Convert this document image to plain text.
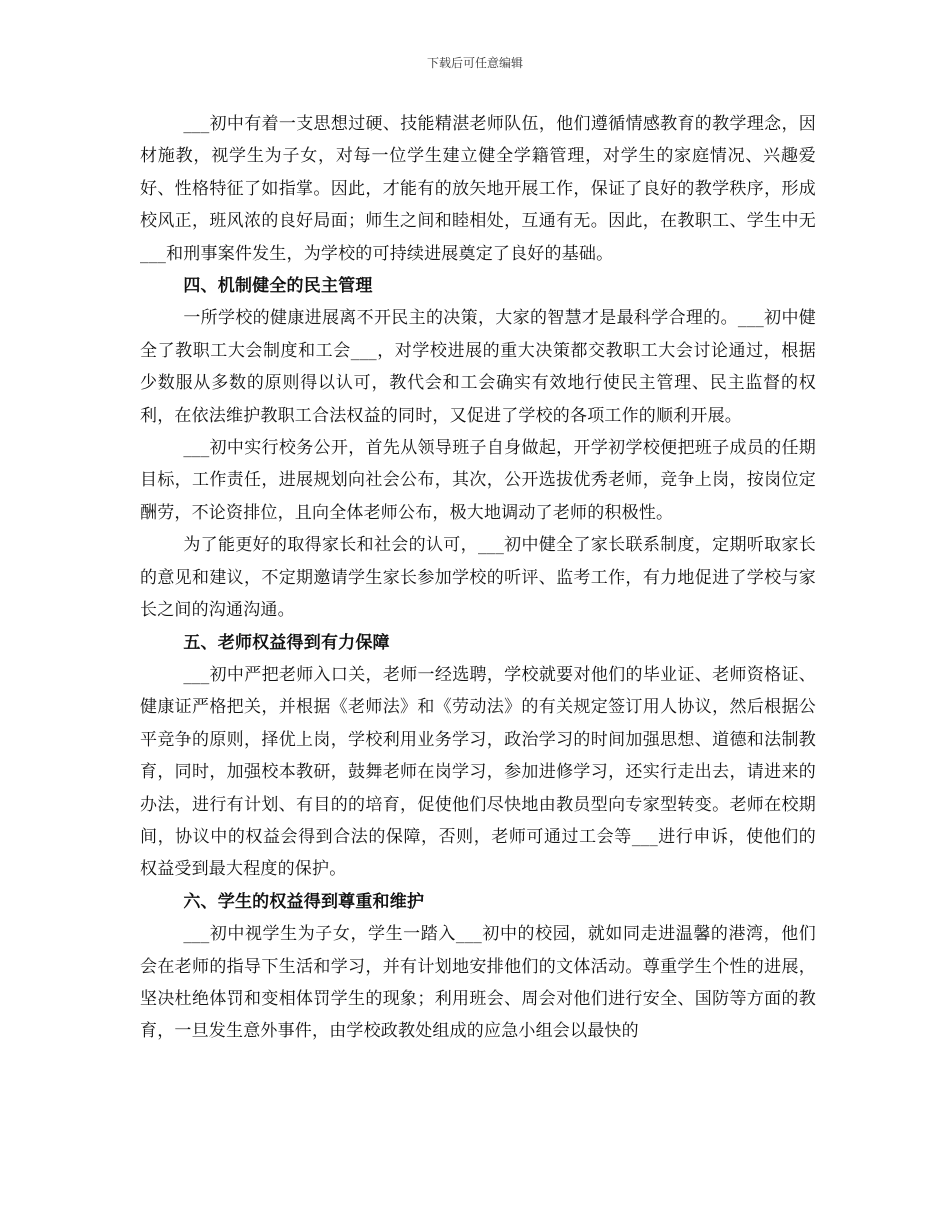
下载后可任意编辑

___初中有着一支思想过硬、技能精湛老师队伍，他们遵循情感教育的教学理念，因材施教，视学生为子女，对每一位学生建立健全学籍管理，对学生的家庭情况、兴趣爱好、性格特征了如指掌。因此，才能有的放矢地开展工作，保证了良好的教学秩序，形成校风正，班风浓的良好局面；师生之间和睦相处，互通有无。因此，在教职工、学生中无___和刑事案件发生，为学校的可持续进展奠定了良好的基础。

四、机制健全的民主管理

一所学校的健康进展离不开民主的决策，大家的智慧才是最科学合理的。___初中健全了教职工大会制度和工会___，对学校进展的重大决策都交教职工大会讨论通过，根据少数服从多数的原则得以认可，教代会和工会确实有效地行使民主管理、民主监督的权利，在依法维护教职工合法权益的同时，又促进了学校的各项工作的顺利开展。

___初中实行校务公开，首先从领导班子自身做起，开学初学校便把班子成员的任期目标，工作责任，进展规划向社会公布，其次，公开选拔优秀老师，竞争上岗，按岗位定酬劳，不论资排位，且向全体老师公布，极大地调动了老师的积极性。

为了能更好的取得家长和社会的认可，___初中健全了家长联系制度，定期听取家长的意见和建议，不定期邀请学生家长参加学校的听评、监考工作，有力地促进了学校与家长之间的沟通沟通。

五、老师权益得到有力保障

___初中严把老师入口关，老师一经选聘，学校就要对他们的毕业证、老师资格证、健康证严格把关，并根据《老师法》和《劳动法》的有关规定签订用人协议，然后根据公平竞争的原则，择优上岗，学校利用业务学习，政治学习的时间加强思想、道德和法制教育，同时，加强校本教研，鼓舞老师在岗学习，参加进修学习，还实行走出去，请进来的办法，进行有计划、有目的的培育，促使他们尽快地由教员型向专家型转变。老师在校期间，协议中的权益会得到合法的保障，否则，老师可通过工会等___进行申诉，使他们的权益受到最大程度的保护。

六、学生的权益得到尊重和维护

___初中视学生为子女，学生一踏入___初中的校园，就如同走进温馨的港湾，他们会在老师的指导下生活和学习，并有计划地安排他们的文体活动。尊重学生个性的进展，坚决杜绝体罚和变相体罚学生的现象；利用班会、周会对他们进行安全、国防等方面的教育，一旦发生意外事件，由学校政教处组成的应急小组会以最快的
